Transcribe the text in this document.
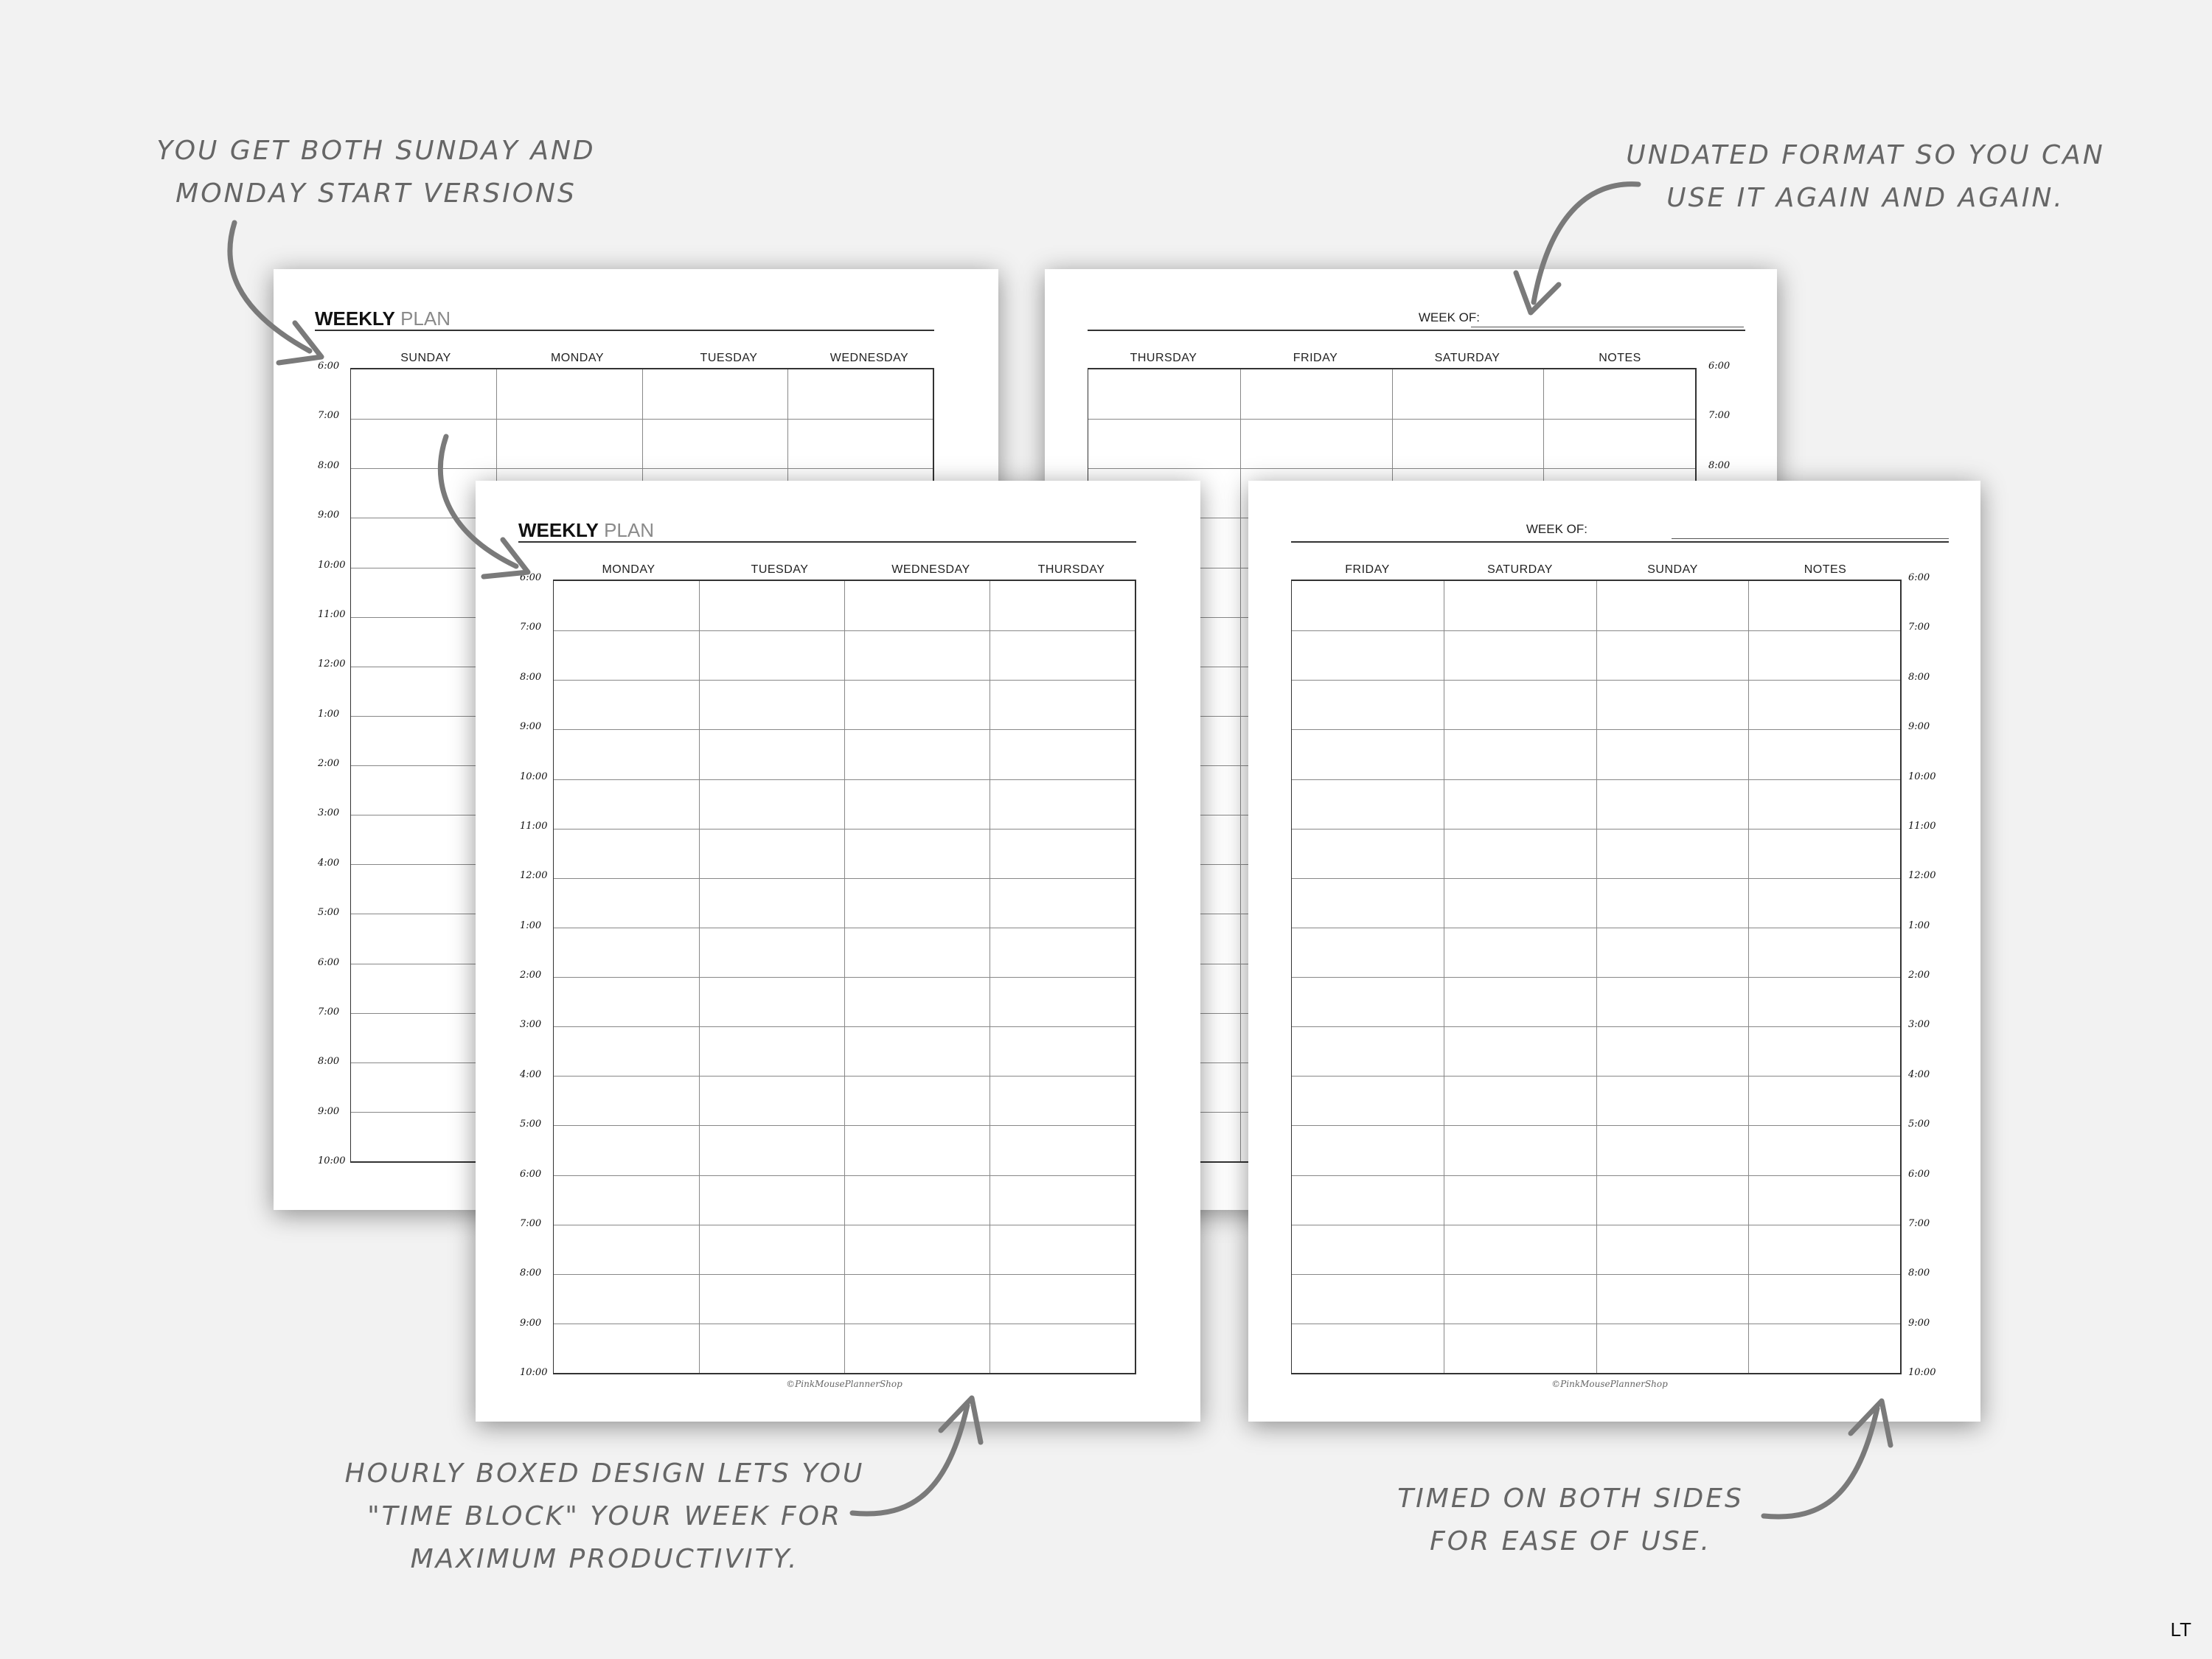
YOU GET BOTH SUNDAY AND
MONDAY START VERSIONS
UNDATED FORMAT SO YOU CAN
USE IT AGAIN AND AGAIN.
HOURLY BOXED DESIGN LETS YOU
"TIME BLOCK" YOUR WEEK FOR
MAXIMUM PRODUCTIVITY.
TIMED ON BOTH SIDES
FOR EASE OF USE.
WEEKLY PLAN
SUNDAY	MONDAY	TUESDAY	WEDNESDAY
6:00
7:00
8:00
9:00
10:00
11:00
12:00
1:00
2:00
3:00
4:00
5:00
6:00
7:00
8:00
9:00
10:00
WEEK OF:
THURSDAY	FRIDAY	SATURDAY	NOTES
6:00
7:00
8:00
WEEKLY PLAN
MONDAY	TUESDAY	WEDNESDAY	THURSDAY
©PinkMousePlannerShop
6:00
7:00
8:00
9:00
10:00
11:00
12:00
1:00
2:00
3:00
4:00
5:00
6:00
7:00
8:00
9:00
10:00
WEEK OF:
FRIDAY	SATURDAY	SUNDAY	NOTES
©PinkMousePlannerShop
6:00
7:00
8:00
9:00
10:00
11:00
12:00
1:00
2:00
3:00
4:00
5:00
6:00
7:00
8:00
9:00
10:00
LT
